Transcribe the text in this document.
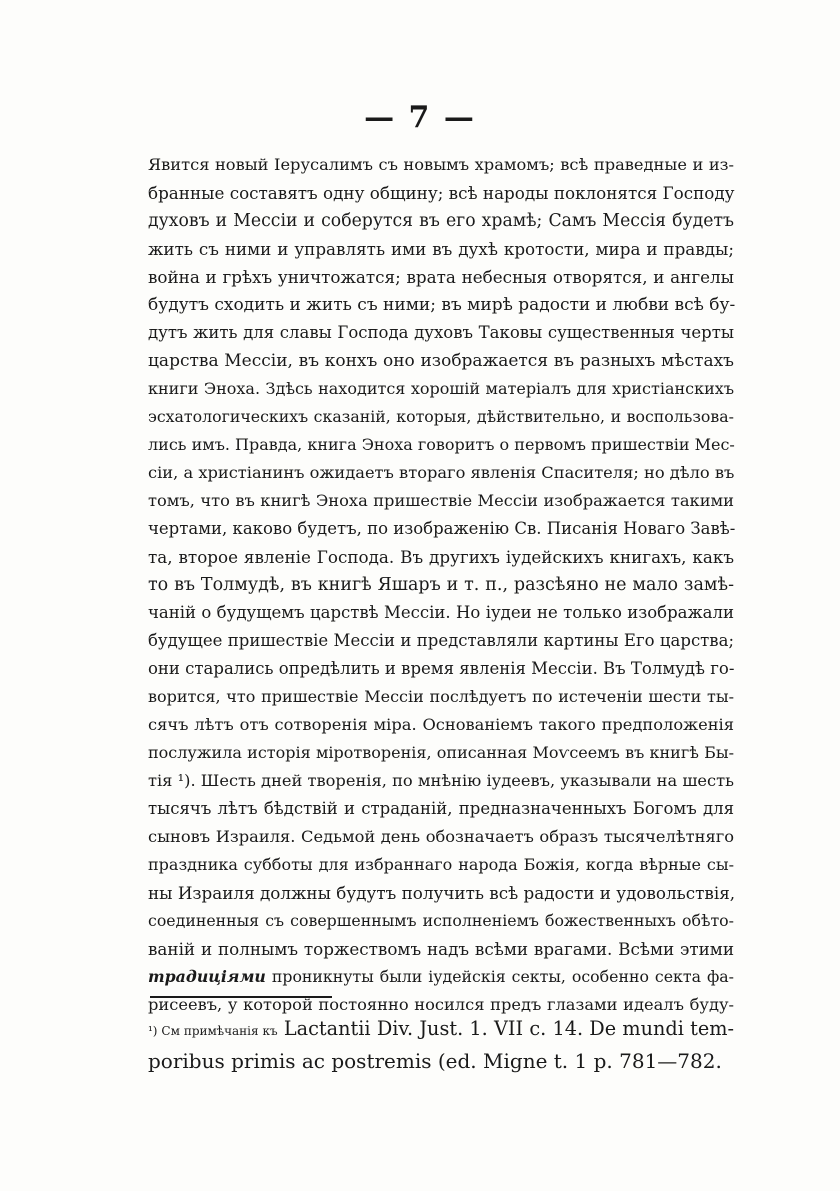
— 7 —
Явится новый Іерусалимъ съ новымъ храмомъ; всѣ праведные и из-
бранные составятъ одну общину; всѣ народы поклонятся Господу
духовъ и Мессіи и соберутся въ его храмѣ; Самъ Мессія будетъ
жить съ ними и управлять ими въ духѣ кротости, мира и правды;
война и грѣхъ уничтожатся; врата небесныя отворятся, и ангелы
будутъ сходить и жить съ ними; въ мирѣ радости и любви всѣ бу-
дутъ жить для славы Господа духовъ Таковы существенныя черты
царства Мессіи, въ конхъ оно изображается въ разныхъ мѣстахъ
книги Эноха. Здѣсь находится хорошій матеріалъ для христіанскихъ
эсхатологическихъ сказаній, которыя, дѣйствительно, и воспользова-
лись имъ. Правда, книга Эноха говоритъ о первомъ пришествіи Мес-
сіи, а христіанинъ ожидаетъ втораго явленія Спасителя; но дѣло въ
томъ, что въ книгѣ Эноха пришествіе Мессіи изображается такими
чертами, каково будетъ, по изображенію Св. Писанія Новаго Завѣ-
та, второе явленіе Господа. Въ другихъ іудейскихъ книгахъ, какъ
то въ Толмудѣ, въ книгѣ Яшаръ и т. п., разсѣяно не мало замѣ-
чаній о будущемъ царствѣ Мессіи. Но іудеи не только изображали
будущее пришествіе Мессіи и представляли картины Его царства;
они старались опредѣлить и время явленія Мессіи. Въ Толмудѣ го-
ворится, что пришествіе Мессіи послѣдуетъ по истеченіи шести ты-
сячъ лѣтъ отъ сотворенія міра. Основаніемъ такого предположенія
послужила исторія міротворенія, описанная Моѵсеемъ въ книгѣ Бы-
тія ¹). Шесть дней творенія, по мнѣнію іудеевъ, указывали на шесть
тысячъ лѣтъ бѣдствій и страданій, предназначенныхъ Богомъ для
сыновъ Израиля. Седьмой день обозначаетъ образъ тысячелѣтняго
праздника субботы для избраннаго народа Божія, когда вѣрные сы-
ны Израиля должны будутъ получить всѣ радости и удовольствія,
соединенныя съ совершеннымъ исполненіемъ божественныхъ обѣто-
ваній и полнымъ торжествомъ надъ всѣми врагами. Всѣми этими
традиціями проникнуты были іудейскія секты, особенно секта фа-
рисеевъ, у которой постоянно носился предъ глазами идеалъ буду-
¹) См примѣчанія къ Lactantii Div. Just. 1. VII c. 14. De mundi tem-
poribus primis ac postremis (ed. Migne t. 1 p. 781—782.
